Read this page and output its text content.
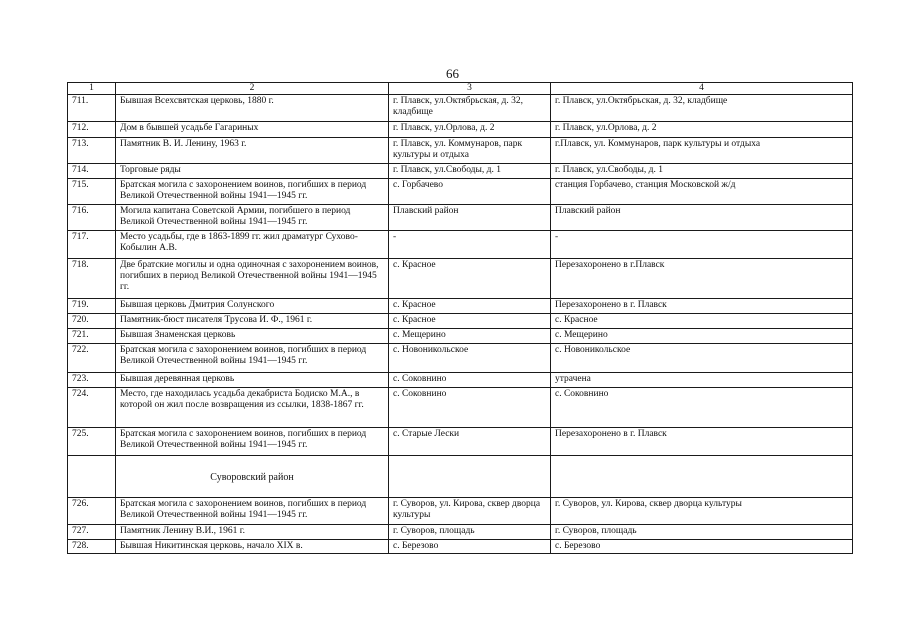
66
1	2	3	4
711.	Бывшая Всехсвятская церковь, 1880 г.	г. Плавск, ул.Октябрьская, д. 32, кладбище	г. Плавск, ул.Октябрьская, д. 32, кладбище
712.	Дом в бывшей усадьбе Гагариных	г. Плавск, ул.Орлова, д. 2	г. Плавск, ул.Орлова, д. 2
713.	Памятник В. И. Ленину, 1963 г.	г. Плавск, ул. Коммунаров, парк культуры и отдыха	г.Плавск, ул. Коммунаров, парк культуры и отдыха
714.	Торговые ряды	г. Плавск, ул.Свободы, д. 1	г. Плавск, ул.Свободы, д. 1
715.	Братская могила с захоронением воинов, погибших в период Великой Отечественной войны 1941—1945 гг.	с. Горбачево	станция Горбачево, станция Московской ж/д
716.	Могила капитана Советской Армии, погибшего в период Великой Отечественной войны 1941—1945 гг.	Плавский район	Плавский район
717.	Место усадьбы, где в 1863-1899 гг. жил драматург Сухово-Кобылин А.В.	-	-
718.	Две братские могилы и одна одиночная с захоронением воинов, погибших в период Великой Отечественной войны 1941—1945 гг.	с. Красное	Перезахоронено в г.Плавск
719.	Бывшая церковь Дмитрия Солунского	с. Красное	Перезахоронено в г. Плавск
720.	Памятник-бюст писателя Трусова И. Ф., 1961 г.	с. Красное	с. Красное
721.	Бывшая Знаменская церковь	с. Мещерино	с. Мещерино
722.	Братская могила с захоронением воинов, погибших в период Великой Отечественной войны 1941—1945 гг.	с. Новоникольское	с. Новоникольское
723.	Бывшая деревянная церковь	с. Соковнино	утрачена
724.	Место, где находилась усадьба декабриста Бодиско М.А., в которой он жил после возвращения из ссылки, 1838-1867 гг.	с. Соковнино	с. Соковнино
725.	Братская могила с захоронением воинов, погибших в период Великой Отечественной войны 1941—1945 гг.	с. Старые Лески	Перезахоронено в г. Плавск
	Суворовский район		
726.	Братская могила с захоронением воинов, погибших в период Великой Отечественной войны 1941—1945 гг.	г. Суворов, ул. Кирова, сквер дворца культуры	г. Суворов, ул. Кирова, сквер дворца культуры
727.	Памятник Ленину В.И., 1961 г.	г. Суворов, площадь	г. Суворов, площадь
728.	Бывшая Никитинская церковь, начало XIX в.	с. Березово	с. Березово
